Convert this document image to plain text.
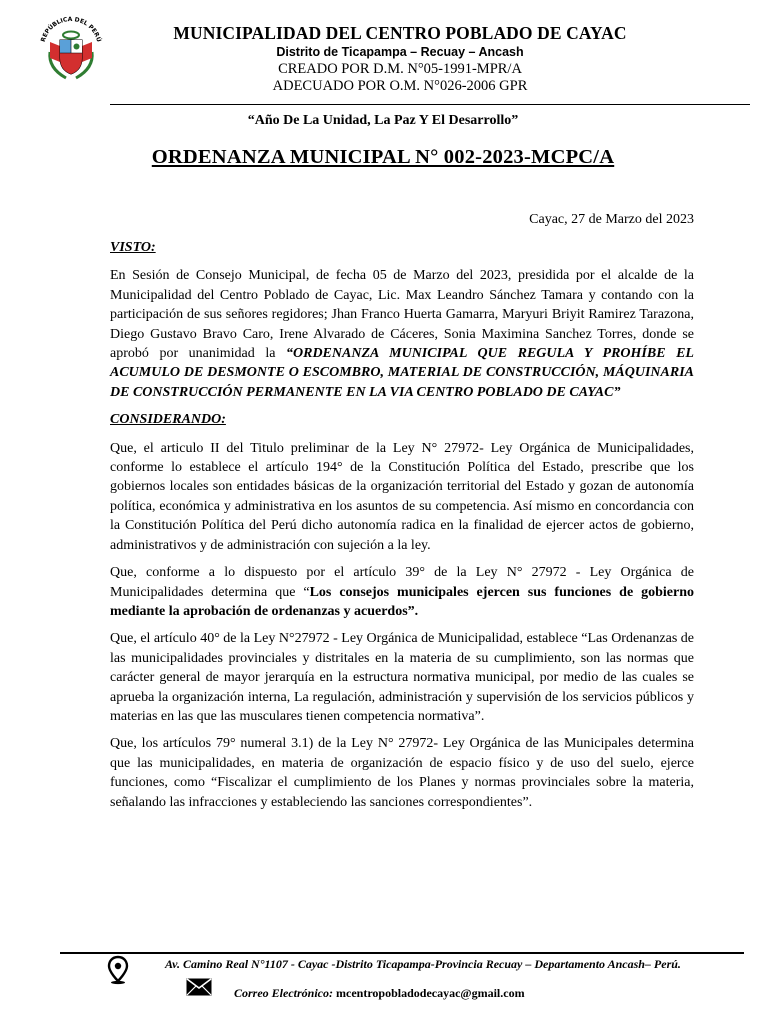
REPÚBLICA DEL PERÚ	MUNICIPALIDAD DEL CENTRO POBLADO DE CAYAC
Distrito de Ticapampa – Recuay – Ancash
CREADO POR D.M. N°05-1991-MPR/A
ADECUADO POR O.M. N°026-2006 GPR
“Año De La Unidad, La Paz Y El Desarrollo”
ORDENANZA MUNICIPAL N° 002-2023-MCPC/A
Cayac, 27 de Marzo del 2023
VISTO:

En Sesión de Consejo Municipal, de fecha 05 de Marzo del 2023, presidida por el alcalde de la Municipalidad del Centro Poblado de Cayac, Lic. Max Leandro Sánchez Tamara y contando con la participación de sus señores regidores; Jhan Franco Huerta Gamarra, Maryuri Briyit Ramirez Tarazona, Diego Gustavo Bravo Caro, Irene Alvarado de Cáceres, Sonia Maximina Sanchez Torres, donde se aprobó por unanimidad la “ORDENANZA MUNICIPAL QUE REGULA Y PROHÍBE EL ACUMULO DE DESMONTE O ESCOMBRO, MATERIAL DE CONSTRUCCIÓN, MÁQUINARIA DE CONSTRUCCIÓN PERMANENTE EN LA VIA CENTRO POBLADO DE CAYAC”

CONSIDERANDO:

Que, el articulo II del Titulo preliminar de la Ley N° 27972- Ley Orgánica de Municipalidades, conforme lo establece el artículo 194° de la Constitución Política del Estado, prescribe que los gobiernos locales son entidades básicas de la organización territorial del Estado y gozan de autonomía política, económica y administrativa en los asuntos de su competencia. Así mismo en concordancia con la Constitución Política del Perú dicho autonomía radica en la finalidad de ejercer actos de gobierno, administrativos y de administración con sujeción a la ley.

Que, conforme a lo dispuesto por el artículo 39° de la Ley N° 27972 - Ley Orgánica de Municipalidades determina que “Los consejos municipales ejercen sus funciones de gobierno mediante la aprobación de ordenanzas y acuerdos”.

Que, el artículo 40° de la Ley N°27972 - Ley Orgánica de Municipalidad, establece “Las Ordenanzas de las municipalidades provinciales y distritales en la materia de su cumplimiento, son las normas que carácter general de mayor jerarquía en la estructura normativa municipal, por medio de las cuales se aprueba la organización interna, La regulación, administración y supervisión de los servicios públicos y materias en las que las musculares tienen competencia normativa”.

Que, los artículos 79° numeral 3.1) de la Ley N° 27972- Ley Orgánica de las Municipales determina que las municipalidades, en materia de organización de espacio físico y de uso del suelo, ejerce funciones, como “Fiscalizar el cumplimiento de los Planes y normas provinciales sobre la materia, señalando las infracciones y estableciendo las sanciones correspondientes”.

Av. Camino Real N°1107 - Cayac -Distrito Ticapampa-Provincia Recuay – Departamento Ancash– Perú.
Correo Electrónico: mcentropobladodecayac@gmail.com
